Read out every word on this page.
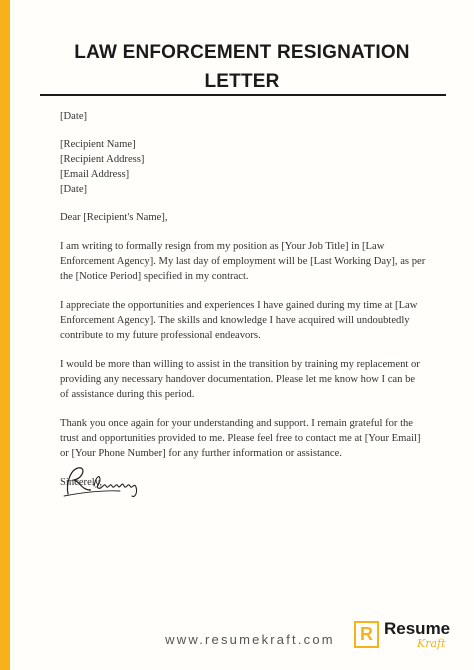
LAW ENFORCEMENT RESIGNATION
LETTER
[Date]
[Recipient Name]
[Recipient Address]
[Email Address]
[Date]
Dear [Recipient's Name],
I am writing to formally resign from my position as [Your Job Title] in [Law
Enforcement Agency]. My last day of employment will be [Last Working Day], as per
the [Notice Period] specified in my contract.
I appreciate the opportunities and experiences I have gained during my time at [Law
Enforcement Agency]. The skills and knowledge I have acquired will undoubtedly
contribute to my future professional endeavors.
I would be more than willing to assist in the transition by training my replacement or
providing any necessary handover documentation. Please let me know how I can be
of assistance during this period.
Thank you once again for your understanding and support. I remain grateful for the
trust and opportunities provided to me. Please feel free to contact me at [Your Email]
or [Your Phone Number] for any further information or assistance.
Sincerely,
www.resumekraft.com	R Resume
Kraft
